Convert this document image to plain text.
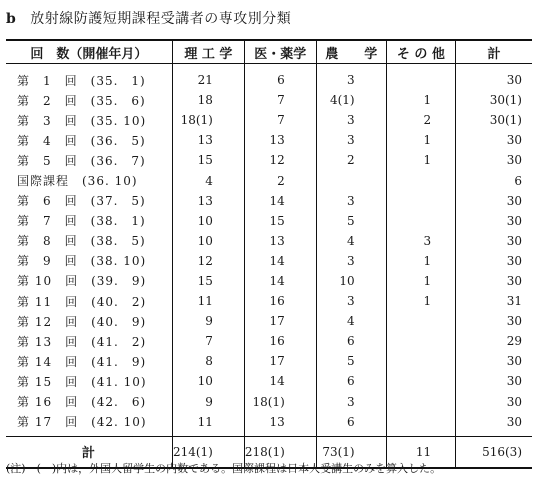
b 放射線防護短期課程受講者の専攻別分類
回　数（開催年月）	理 工 学	医・薬学	農　　学	そ の 他	計
第　1　回　(35.　1)	21	6	3		30
第　2　回　(35.　6)	18	7	4(1)	1	30(1)
第　3　回　(35. 10)	18(1)	7	3	2	30(1)
第　4　回　(36.　5)	13	13	3	1	30
第　5　回　(36.　7)	15	12	2	1	30
国際課程　(36. 10)	4	2			6
第　6　回　(37.　5)	13	14	3		30
第　7　回　(38.　1)	10	15	5		30
第　8　回　(38.　5)	10	13	4	3	30
第　9　回　(38. 10)	12	14	3	1	30
第 10　回　(39.　9)	15	14	10	1	30
第 11　回　(40.　2)	11	16	3	1	31
第 12　回　(40.　9)	9	17	4		30
第 13　回　(41.　2)	7	16	6		29
第 14　回　(41.　9)	8	17	5		30
第 15　回　(41. 10)	10	14	6		30
第 16　回　(42.　6)	9	18(1)	3		30
第 17　回　(42. 10)	11	13	6		30
計	214(1)	218(1)	73(1)	11	516(3)
(注)　(　)内は，外国人留学生の内数である。国際課程は日本人受講生のみを算入した。
